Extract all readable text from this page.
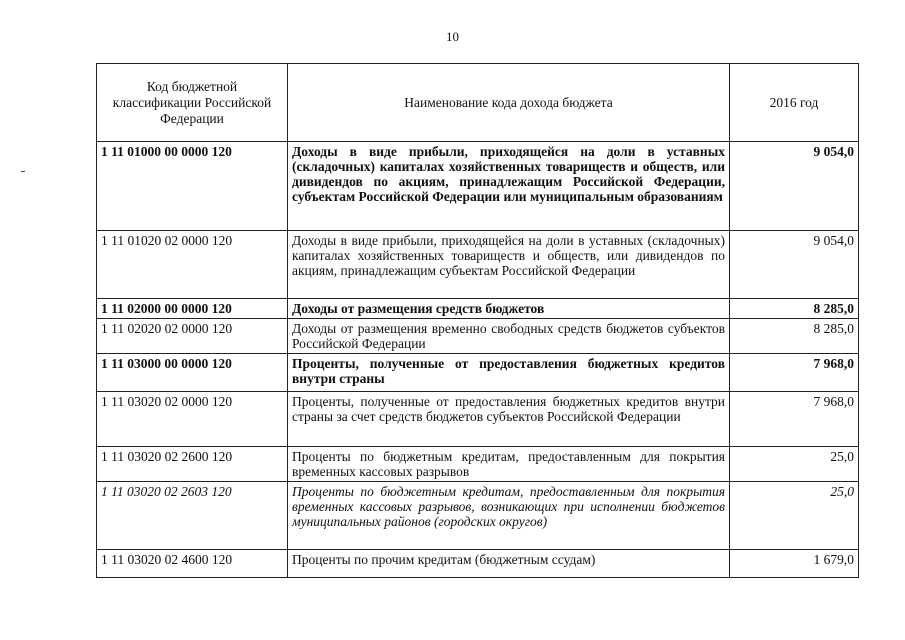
10
Код бюджетной классификации Российской Федерации	Наименование кода дохода бюджета	2016 год
1 11 01000 00 0000 120	Доходы в виде прибыли, приходящейся на доли в уставных (складочных) капиталах хозяйственных товариществ и обществ, или дивидендов по акциям, принадлежащим Российской Федерации, субъектам Российской Федерации или муниципальным образованиям	9 054,0
1 11 01020 02 0000 120	Доходы в виде прибыли, приходящейся на доли в уставных (складочных) капиталах хозяйственных товариществ и обществ, или дивидендов по акциям, принадлежащим субъектам Российской Федерации	9 054,0
1 11 02000 00 0000 120	Доходы от размещения средств бюджетов	8 285,0
1 11 02020 02 0000 120	Доходы от размещения временно свободных средств бюджетов субъектов Российской Федерации	8 285,0
1 11 03000 00 0000 120	Проценты, полученные от предоставления бюджетных кредитов внутри страны	7 968,0
1 11 03020 02 0000 120	Проценты, полученные от предоставления бюджетных кредитов внутри страны за счет средств бюджетов субъектов Российской Федерации	7 968,0
1 11 03020 02 2600 120	Проценты по бюджетным кредитам, предоставленным для покрытия временных кассовых разрывов	25,0
1 11 03020 02 2603 120	Проценты по бюджетным кредитам, предоставленным для покрытия временных кассовых разрывов, возникающих при исполнении бюджетов муниципальных районов (городских округов)	25,0
1 11 03020 02 4600 120	Проценты по прочим кредитам (бюджетным ссудам)	1 679,0
